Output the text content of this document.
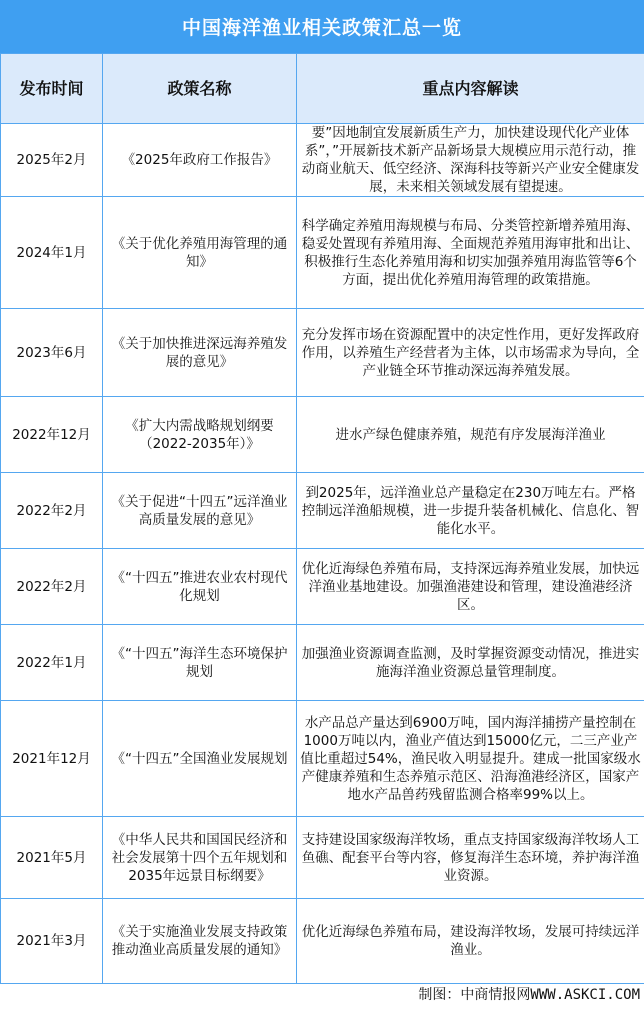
中国海洋渔业相关政策汇总一览
发布时间	政策名称	重点内容解读
2025年2月	《2025年政府工作报告》	要”因地制宜发展新质生产力，加快建设现代化产业体系”，”开展新技术新产品新场景大规模应用示范行动，推动商业航天、低空经济、深海科技等新兴产业安全健康发展，未来相关领域发展有望提速。
2024年1月	《关于优化养殖用海管理的通知》	科学确定养殖用海规模与布局、分类管控新增养殖用海、稳妥处置现有养殖用海、全面规范养殖用海审批和出让、积极推行生态化养殖用海和切实加强养殖用海监管等6个方面，提出优化养殖用海管理的政策措施。
2023年6月	《关于加快推进深远海养殖发展的意见》	充分发挥市场在资源配置中的决定性作用，更好发挥政府作用，以养殖生产经营者为主体，以市场需求为导向，全产业链全环节推动深远海养殖发展。
2022年12月	《扩大内需战略规划纲要（2022-2035年）》	进水产绿色健康养殖，规范有序发展海洋渔业
2022年2月	《关于促进“十四五”远洋渔业高质量发展的意见》	到2025年，远洋渔业总产量稳定在230万吨左右。严格控制远洋渔船规模，进一步提升装备机械化、信息化、智能化水平。
2022年2月	《“十四五”推进农业农村现代化规划	优化近海绿色养殖布局，支持深远海养殖业发展，加快远洋渔业基地建设。加强渔港建设和管理，建设渔港经济区。
2022年1月	《“十四五”海洋生态环境保护规划	加强渔业资源调查监测，及时掌握资源变动情况，推进实施海洋渔业资源总量管理制度。
2021年12月	《“十四五”全国渔业发展规划	水产品总产量达到6900万吨，国内海洋捕捞产量控制在1000万吨以内，渔业产值达到15000亿元，二三产业产值比重超过54%，渔民收入明显提升。建成一批国家级水产健康养殖和生态养殖示范区、沿海渔港经济区，国家产地水产品兽药残留监测合格率99%以上。
2021年5月	《中华人民共和国国民经济和社会发展第十四个五年规划和2035年远景目标纲要》	支持建设国家级海洋牧场，重点支持国家级海洋牧场人工鱼礁、配套平台等内容，修复海洋生态环境，养护海洋渔业资源。
2021年3月	《关于实施渔业发展支持政策推动渔业高质量发展的通知》	优化近海绿色养殖布局，建设海洋牧场，发展可持续远洋渔业。
制图：中商情报网WWW.ASKCI.COM
